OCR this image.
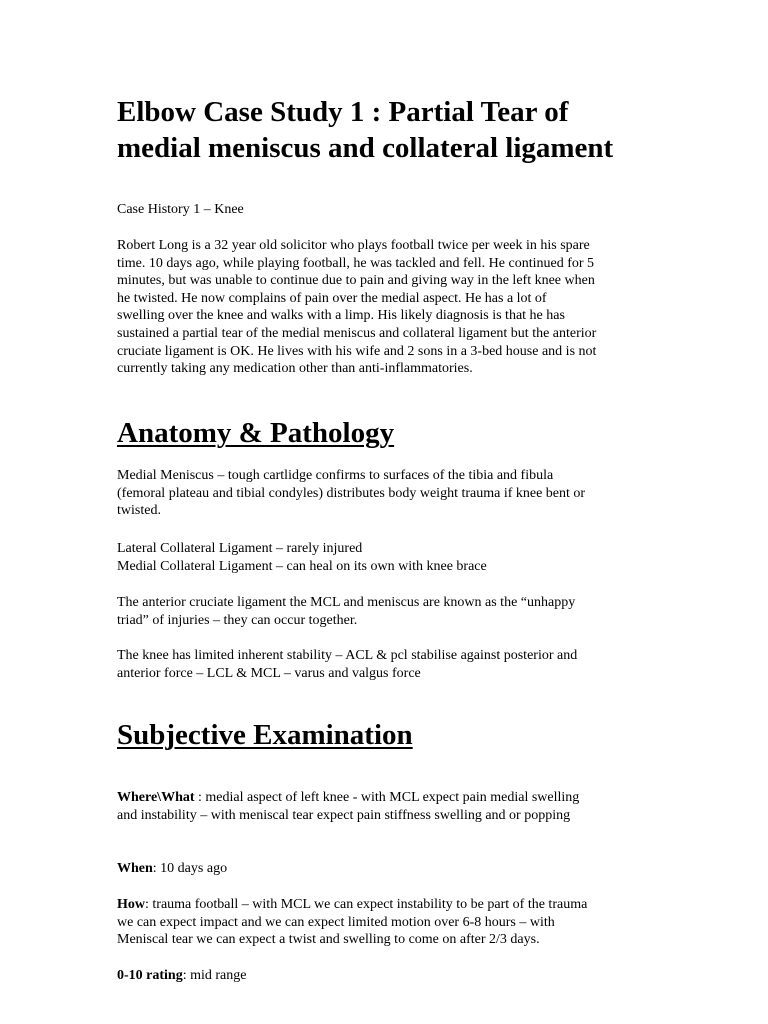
Elbow Case Study 1 : Partial Tear of
medial meniscus and collateral ligament

Case History 1 – Knee

Robert Long is a 32 year old solicitor who plays football twice per week in his spare
time. 10 days ago, while playing football, he was tackled and fell. He continued for 5
minutes, but was unable to continue due to pain and giving way in the left knee when
he twisted. He now complains of pain over the medial aspect. He has a lot of
swelling over the knee and walks with a limp. His likely diagnosis is that he has
sustained a partial tear of the medial meniscus and collateral ligament but the anterior
cruciate ligament is OK. He lives with his wife and 2 sons in a 3-bed house and is not
currently taking any medication other than anti-inflammatories.

Anatomy & Pathology

Medial Meniscus – tough cartlidge confirms to surfaces of the tibia and fibula
(femoral plateau and tibial condyles) distributes body weight trauma if knee bent or
twisted.

Lateral Collateral Ligament – rarely injured
Medial Collateral Ligament – can heal on its own with knee brace

The anterior cruciate ligament the MCL and meniscus are known as the “unhappy
triad” of injuries – they can occur together.

The knee has limited inherent stability – ACL & pcl stabilise against posterior and
anterior force – LCL & MCL – varus and valgus force

Subjective Examination

Where\What : medial aspect of left knee - with MCL expect pain medial swelling
and instability – with meniscal tear expect pain stiffness swelling and or popping

When: 10 days ago

How: trauma football – with MCL we can expect instability to be part of the trauma
we can expect impact and we can expect limited motion over 6-8 hours – with
Meniscal tear we can expect a twist and swelling to come on after 2/3 days.

0-10 rating: mid range
